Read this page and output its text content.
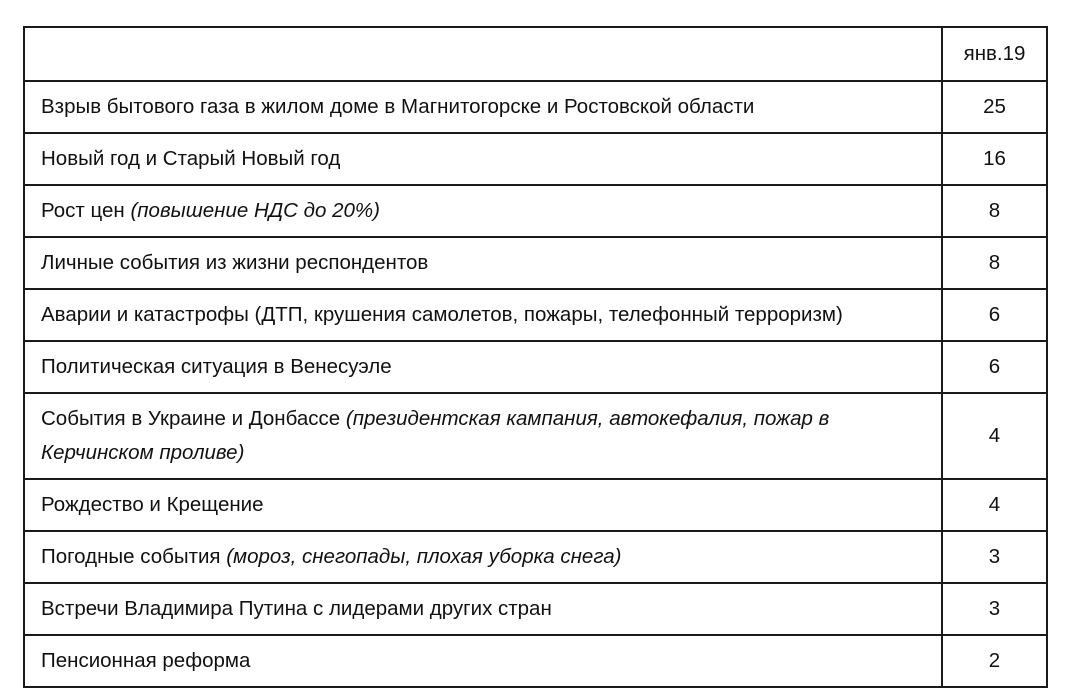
	янв.19
Взрыв бытового газа в жилом доме в Магнитогорске и Ростовской области	25
Новый год и Старый Новый год	16
Рост цен (повышение НДС до 20%)	8
Личные события из жизни респондентов	8
Аварии и катастрофы (ДТП, крушения самолетов, пожары, телефонный терроризм)	6
Политическая ситуация в Венесуэле	6
События в Украине и Донбассе (президентская кампания, автокефалия, пожар в Керчинском проливе)	4
Рождество и Крещение	4
Погодные события (мороз, снегопады, плохая уборка снега)	3
Встречи Владимира Путина с лидерами других стран	3
Пенсионная реформа	2
